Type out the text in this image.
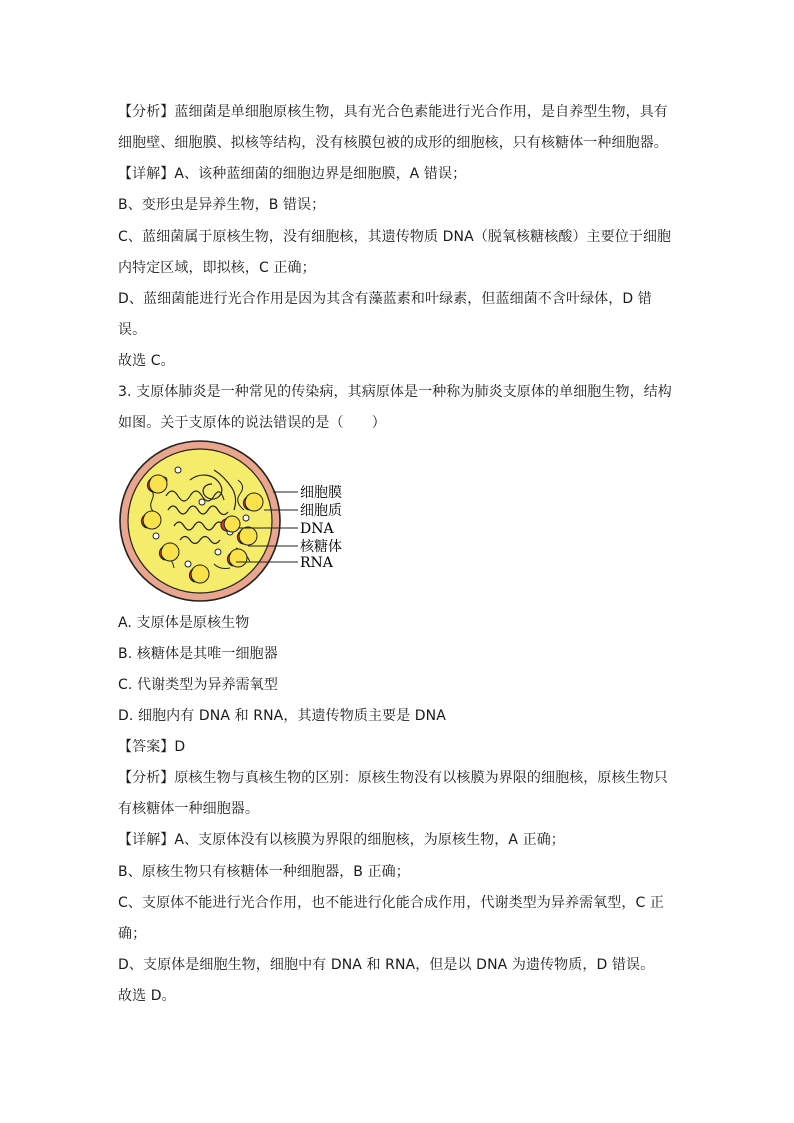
【分析】蓝细菌是单细胞原核生物，具有光合色素能进行光合作用，是自养型生物，具有
细胞壁、细胞膜、拟核等结构，没有核膜包被的成形的细胞核，只有核糖体一种细胞器。
【详解】A、该种蓝细菌的细胞边界是细胞膜，A 错误；
B、变形虫是异养生物，B 错误；
C、蓝细菌属于原核生物，没有细胞核，其遗传物质 DNA（脱氧核糖核酸）主要位于细胞
内特定区域，即拟核，C 正确；
D、蓝细菌能进行光合作用是因为其含有藻蓝素和叶绿素，但蓝细菌不含叶绿体，D 错
误。
故选 C。
3. 支原体肺炎是一种常见的传染病，其病原体是一种称为肺炎支原体的单细胞生物，结构
如图。关于支原体的说法错误的是（　　）
细胞膜
细胞质
DNA
核糖体
RNA
A. 支原体是原核生物
B. 核糖体是其唯一细胞器
C. 代谢类型为异养需氧型
D. 细胞内有 DNA 和 RNA，其遗传物质主要是 DNA
【答案】D
【分析】原核生物与真核生物的区别：原核生物没有以核膜为界限的细胞核，原核生物只
有核糖体一种细胞器。
【详解】A、支原体没有以核膜为界限的细胞核，为原核生物，A 正确；
B、原核生物只有核糖体一种细胞器，B 正确；
C、支原体不能进行光合作用，也不能进行化能合成作用，代谢类型为异养需氧型，C 正
确；
D、支原体是细胞生物，细胞中有 DNA 和 RNA，但是以 DNA 为遗传物质，D 错误。
故选 D。
